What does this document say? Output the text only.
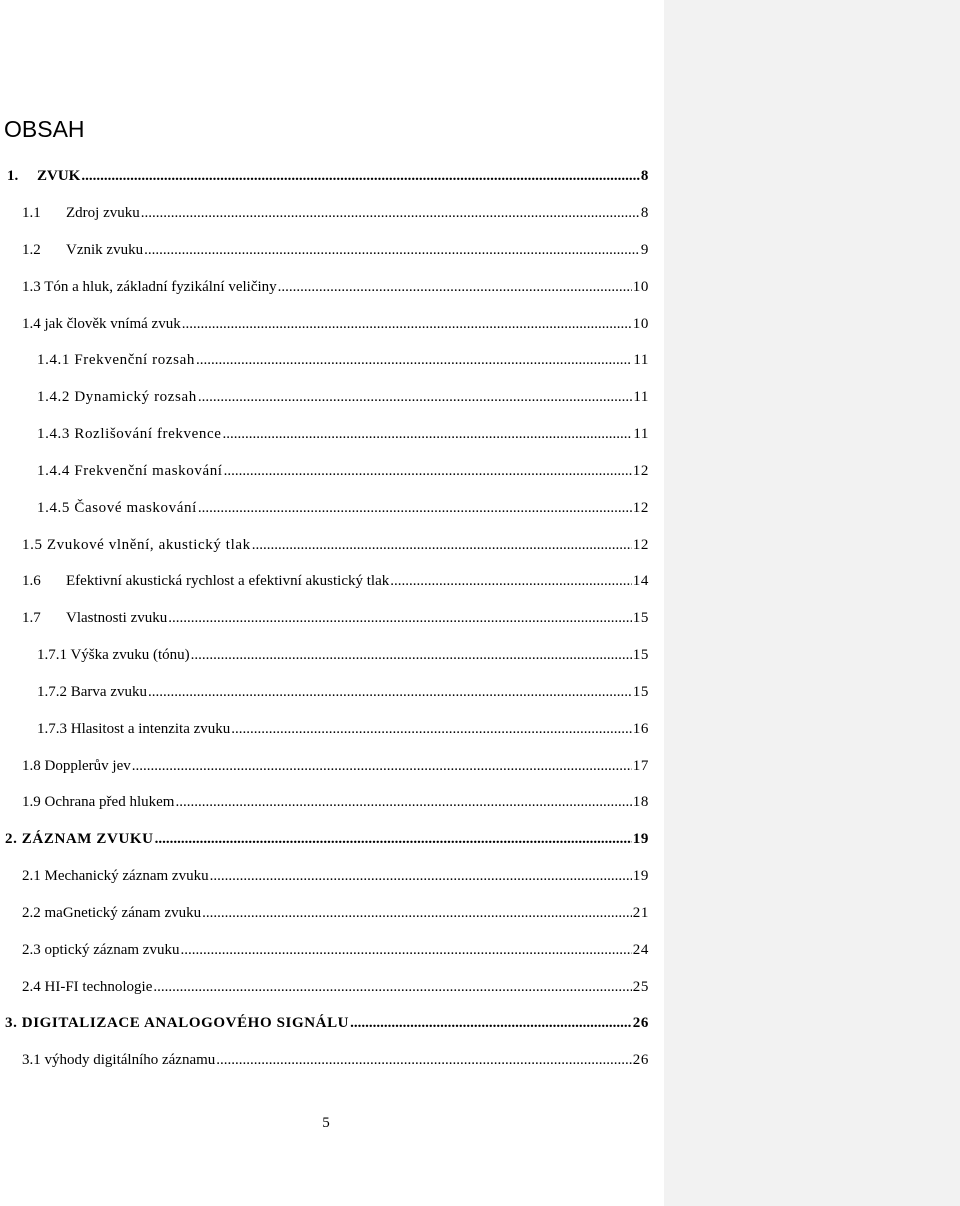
OBSAH
1.	ZVUK .....	8
1.1	Zdroj zvuku .....	8
1.2	Vznik zvuku .....	9
1.3 Tón a hluk, základní fyzikální veličiny .....	10
1.4 jak člověk vnímá zvuk .....	10
1.4.1 Frekvenční rozsah .....	11
1.4.2 Dynamický rozsah .....	11
1.4.3 Rozlišování frekvence .....	11
1.4.4 Frekvenční maskování .....	12
1.4.5 Časové maskování .....	12
1.5 Zvukové vlnění, akustický tlak .....	12
1.6	Efektivní akustická rychlost a efektivní akustický tlak .....	14
1.7	Vlastnosti zvuku .....	15
1.7.1 Výška zvuku (tónu) .....	15
1.7.2 Barva zvuku .....	15
1.7.3 Hlasitost a intenzita zvuku .....	16
1.8 Dopplerův jev .....	17
1.9 Ochrana před hlukem .....	18
2. ZÁZNAM ZVUKU .....	19
2.1 Mechanický záznam zvuku .....	19
2.2 maGnetický zánam zvuku .....	21
2.3 optický záznam zvuku .....	24
2.4 HI-FI technologie .....	25
3. DIGITALIZACE ANALOGOVÉHO SIGNÁLU .....	26
3.1 výhody digitálního záznamu .....	26
5
